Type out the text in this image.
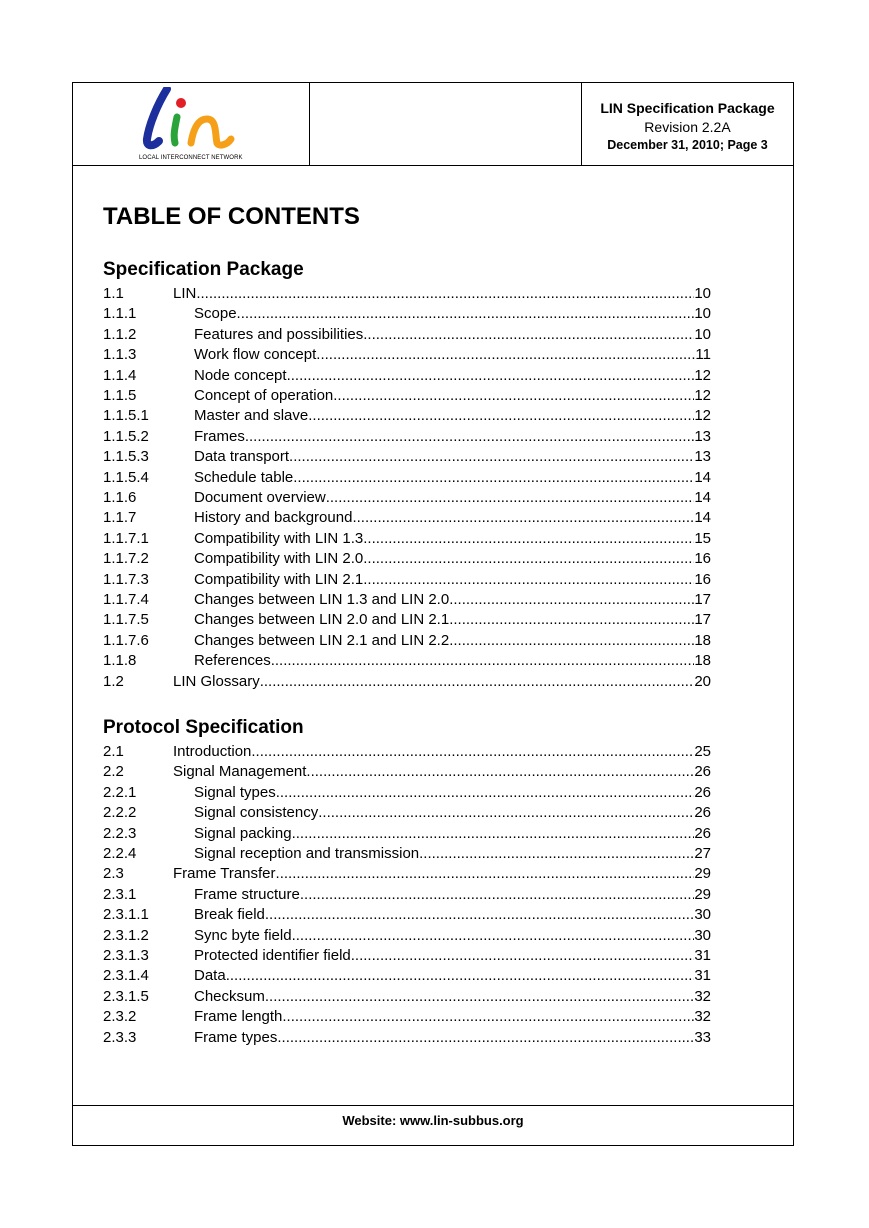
LOCAL INTERCONNECT NETWORK
LIN Specification Package
Revision 2.2A
December 31, 2010; Page 3
TABLE OF CONTENTS
Specification Package
1.1	LIN .....	10
1.1.1	Scope .....	10
1.1.2	Features and possibilities .....	10
1.1.3	Work flow concept .....	11
1.1.4	Node concept .....	12
1.1.5	Concept of operation .....	12
1.1.5.1	Master and slave .....	12
1.1.5.2	Frames .....	13
1.1.5.3	Data transport .....	13
1.1.5.4	Schedule table .....	14
1.1.6	Document overview .....	14
1.1.7	History and background .....	14
1.1.7.1	Compatibility with LIN 1.3 .....	15
1.1.7.2	Compatibility with LIN 2.0 .....	16
1.1.7.3	Compatibility with LIN 2.1 .....	16
1.1.7.4	Changes between LIN 1.3 and LIN 2.0 .....	17
1.1.7.5	Changes between LIN 2.0 and LIN 2.1 .....	17
1.1.7.6	Changes between LIN 2.1 and LIN 2.2 .....	18
1.1.8	References .....	18
1.2	LIN Glossary .....	20
Protocol Specification
2.1	Introduction .....	25
2.2	Signal Management .....	26
2.2.1	Signal types .....	26
2.2.2	Signal consistency .....	26
2.2.3	Signal packing .....	26
2.2.4	Signal reception and transmission .....	27
2.3	Frame Transfer .....	29
2.3.1	Frame structure .....	29
2.3.1.1	Break field .....	30
2.3.1.2	Sync byte field .....	30
2.3.1.3	Protected identifier field .....	31
2.3.1.4	Data .....	31
2.3.1.5	Checksum .....	32
2.3.2	Frame length .....	32
2.3.3	Frame types .....	33
Website: www.lin-subbus.org
